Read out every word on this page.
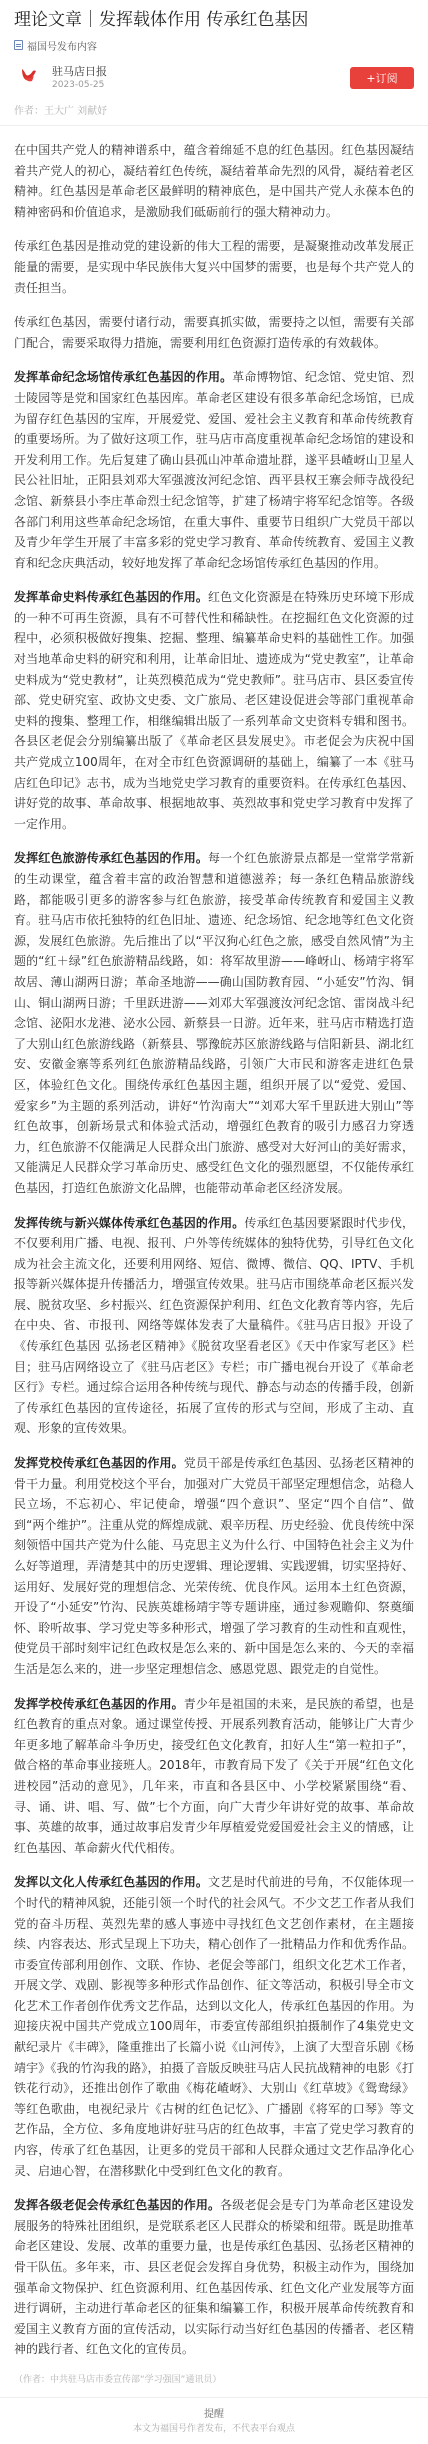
理论文章｜发挥载体作用 传承红色基因
福国号发布内容
驻马店日报
2023-05-25	+订阅
作者：王大广 刘献妤

在中国共产党人的精神谱系中，蕴含着绵延不息的红色基因。红色基因凝结着共产党人的初心，凝结着红色传统，凝结着革命先烈的风骨，凝结着老区精神。红色基因是革命老区最鲜明的精神底色，是中国共产党人永葆本色的精神密码和价值追求，是激励我们砥砺前行的强大精神动力。

传承红色基因是推动党的建设新的伟大工程的需要，是凝聚推动改革发展正能量的需要，是实现中华民族伟大复兴中国梦的需要，也是每个共产党人的责任担当。

传承红色基因，需要付诸行动，需要真抓实做，需要持之以恒，需要有关部门配合，需要采取得力措施，需要利用红色资源打造传承的有效载体。

发挥革命纪念场馆传承红色基因的作用。革命博物馆、纪念馆、党史馆、烈士陵园等是党和国家红色基因库。革命老区建设有很多革命纪念场馆，已成为留存红色基因的宝库，开展爱党、爱国、爱社会主义教育和革命传统教育的重要场所。为了做好这项工作，驻马店市高度重视革命纪念场馆的建设和开发利用工作。先后复建了确山县孤山冲革命遗址群，遂平县嵖岈山卫星人民公社旧址，正阳县刘邓大军强渡汝河纪念馆、西平县权王寨会师寺战役纪念馆、新蔡县小李庄革命烈士纪念馆等，扩建了杨靖宇将军纪念馆等。各级各部门利用这些革命纪念场馆，在重大事件、重要节日组织广大党员干部以及青少年学生开展了丰富多彩的党史学习教育、革命传统教育、爱国主义教育和纪念庆典活动，较好地发挥了革命纪念场馆传承红色基因的作用。

发挥革命史料传承红色基因的作用。红色文化资源是在特殊历史环境下形成的一种不可再生资源，具有不可替代性和稀缺性。在挖掘红色文化资源的过程中，必须积极做好搜集、挖掘、整理、编纂革命史料的基础性工作。加强对当地革命史料的研究和利用，让革命旧址、遗迹成为“党史教室”，让革命史料成为“党史教材”，让英烈模范成为“党史教师”。驻马店市、县区委宣传部、党史研究室、政协文史委、文广旅局、老区建设促进会等部门重视革命史料的搜集、整理工作，相继编辑出版了一系列革命文史资料专辑和图书。各县区老促会分别编纂出版了《革命老区县发展史》。市老促会为庆祝中国共产党成立100周年，在对全市红色资源调研的基础上，编纂了一本《驻马店红色印记》志书，成为当地党史学习教育的重要资料。在传承红色基因、讲好党的故事、革命故事、根据地故事、英烈故事和党史学习教育中发挥了一定作用。

发挥红色旅游传承红色基因的作用。每一个红色旅游景点都是一堂常学常新的生动课堂，蕴含着丰富的政治智慧和道德滋养；每一条红色精品旅游线路，都能吸引更多的游客参与红色旅游，接受革命传统教育和爱国主义教育。驻马店市依托独特的红色旧址、遗迹、纪念场馆、纪念地等红色文化资源，发展红色旅游。先后推出了以“平汉狗心红色之旅，感受自然风情”为主题的“红＋绿”红色旅游精品线路，如：将军故里游——峰岈山、杨靖宇将军故居、薄山湖两日游；革命圣地游——确山国防教育园、“小延安”竹沟、铜山、铜山湖两日游；千里跃进游——刘邓大军强渡汝河纪念馆、雷岗战斗纪念馆、泌阳水龙港、泌水公园、新蔡县一日游。近年来，驻马店市精选打造了大别山红色旅游线路（新蔡县、鄂豫皖苏区旅游线路与信阳新县、湖北红安、安徽金寨等系列红色旅游精品线路，引领广大市民和游客走进红色景区，体验红色文化。围绕传承红色基因主题，组织开展了以“爱党、爱国、爱家乡”为主题的系列活动，讲好“竹沟南大”“刘邓大军千里跃进大别山”等红色故事，创新场景式和体验式活动，增强红色教育的吸引力感召力穿透力，红色旅游不仅能满足人民群众出门旅游、感受对大好河山的美好需求，又能满足人民群众学习革命历史、感受红色文化的强烈愿望，不仅能传承红色基因，打造红色旅游文化品牌，也能带动革命老区经济发展。

发挥传统与新兴媒体传承红色基因的作用。传承红色基因要紧跟时代步伐，不仅要利用广播、电视、报刊、户外等传统媒体的独特优势，引导红色文化成为社会主流文化，还要利用网络、短信、微博、微信、QQ、IPTV、手机报等新兴媒体提升传播活力，增强宣传效果。驻马店市围绕革命老区振兴发展、脱贫攻坚、乡村振兴、红色资源保护利用、红色文化教育等内容，先后在中央、省、市报刊、网络等媒体发表了大量稿件。《驻马店日报》开设了《传承红色基因 弘扬老区精神》《脱贫攻坚看老区》《天中作家写老区》栏目；驻马店网络设立了《驻马店老区》专栏；市广播电视台开设了《革命老区行》专栏。通过综合运用各种传统与现代、静态与动态的传播手段，创新了传承红色基因的宣传途径，拓展了宣传的形式与空间，形成了主动、直观、形象的宣传效果。

发挥党校传承红色基因的作用。党员干部是传承红色基因、弘扬老区精神的骨干力量。利用党校这个平台，加强对广大党员干部坚定理想信念，站稳人民立场，不忘初心、牢记使命，增强“四个意识”、坚定“四个自信”、做到“两个维护”。注重从党的辉煌成就、艰辛历程、历史经验、优良传统中深刻领悟中国共产党为什么能、马克思主义为什么行、中国特色社会主义为什么好等道理，弄清楚其中的历史逻辑、理论逻辑、实践逻辑，切实坚持好、运用好、发展好党的理想信念、光荣传统、优良作风。运用本土红色资源，开设了“小延安”竹沟、民族英雄杨靖宇等专题讲座，通过参观瞻仰、祭奠缅怀、聆听故事、学习党史等多种形式，增强了学习教育的生动性和直观性，使党员干部时刻牢记红色政权是怎么来的、新中国是怎么来的、今天的幸福生活是怎么来的，进一步坚定理想信念、感恩党恩、跟党走的自觉性。

发挥学校传承红色基因的作用。青少年是祖国的未来，是民族的希望，也是红色教育的重点对象。通过课堂传授、开展系列教育活动，能够让广大青少年更多地了解革命斗争历史，接受红色文化教育，扣好人生“第一粒扣子”，做合格的革命事业接班人。2018年，市教育局下发了《关于开展“红色文化进校园”活动的意见》，几年来，市直和各县区中、小学校紧紧围绕“看、寻、诵、讲、唱、写、做”七个方面，向广大青少年讲好党的故事、革命故事、英雄的故事，通过故事启发青少年厚植爱党爱国爱社会主义的情感，让红色基因、革命薪火代代相传。

发挥以文化人传承红色基因的作用。文艺是时代前进的号角，不仅能体现一个时代的精神风貌，还能引领一个时代的社会风气。不少文艺工作者从我们党的奋斗历程、英烈先辈的感人事迹中寻找红色文艺创作素材，在主题接续、内容表达、形式呈现上下功夫，精心创作了一批精品力作和优秀作品。市委宣传部利用创作、文联、作协、老促会等部门，组织文化艺术工作者，开展文学、戏剧、影视等多种形式作品创作、征文等活动，积极引导全市文化艺术工作者创作优秀文艺作品，达到以文化人，传承红色基因的作用。为迎接庆祝中国共产党成立100周年，市委宣传部组织拍摄制作了4集党史文献纪录片《丰碑》，隆重推出了长篇小说《山河传》，上演了大型音乐剧《杨靖宇》《我的竹沟我的路》，拍摄了音版反映驻马店人民抗战精神的电影《打铁花行动》，还推出创作了歌曲《梅花嵖岈》、大别山《红草坡》《鸳鸯绿》等红色歌曲，电视纪录片《古树的红色记忆》、广播剧《将军的口琴》等文艺作品，全方位、多角度地讲好驻马店的红色故事，丰富了党史学习教育的内容，传承了红色基因，让更多的党员干部和人民群众通过文艺作品净化心灵、启迪心智，在潜移默化中受到红色文化的教育。

发挥各级老促会传承红色基因的作用。各级老促会是专门为革命老区建设发展服务的特殊社团组织，是党联系老区人民群众的桥梁和纽带。既是助推革命老区建设、发展、改革的重要力量，也是传承红色基因、弘扬老区精神的骨干队伍。多年来，市、县区老促会发挥自身优势，积极主动作为，围绕加强革命文物保护、红色资源利用、红色基因传承、红色文化产业发展等方面进行调研，主动进行革命老区的征集和编纂工作，积极开展革命传统教育和爱国主义教育方面的宣传活动，以实际行动当好红色基因的传播者、老区精神的践行者、红色文化的宣传员。

（作者：中共驻马店市委宣传部“学习强国”通讯员）
提醒
本文为福国号作者发布，不代表平台观点
